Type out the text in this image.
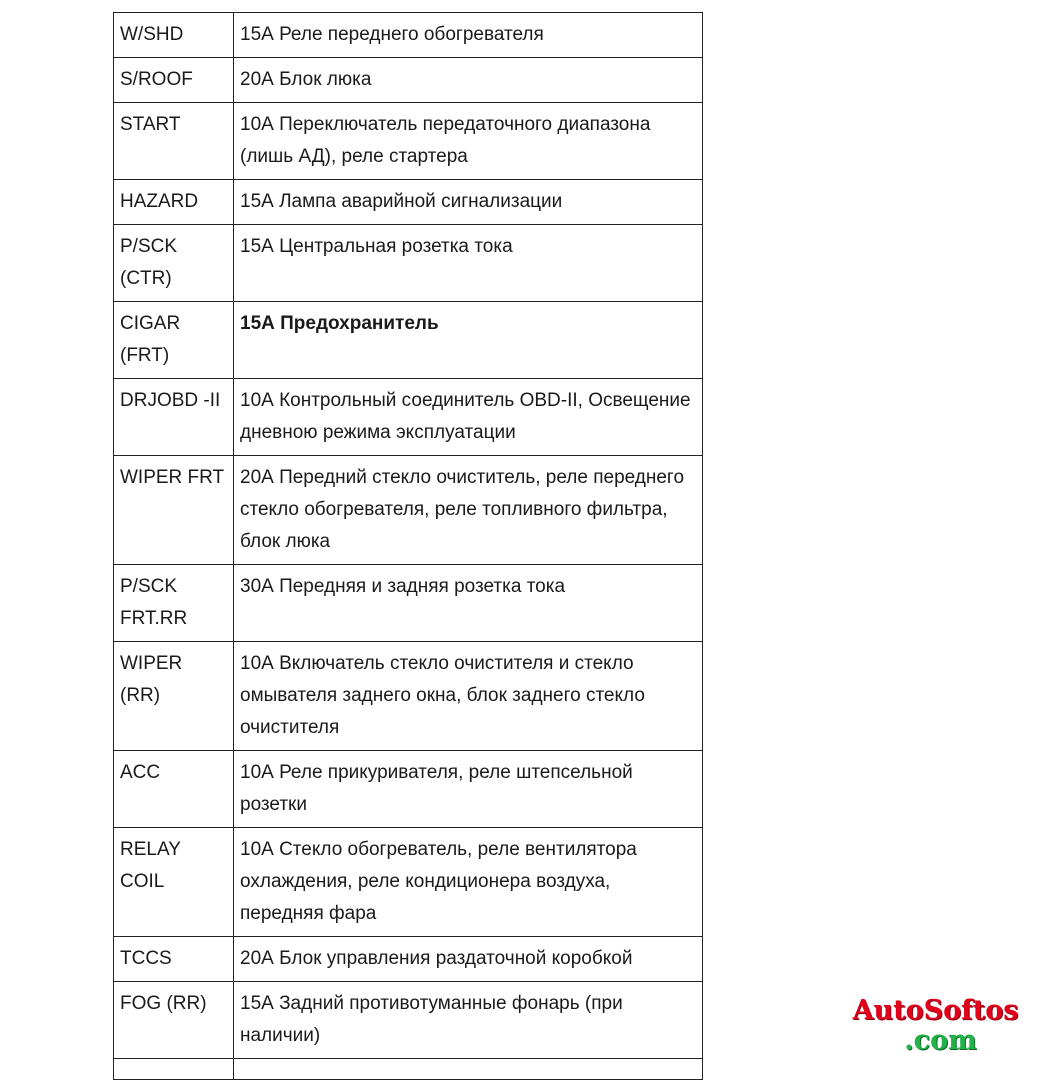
W/SHD	15А Реле переднего обогревателя
S/ROOF	20А Блок люка
START	10А Переключатель передаточного диапазона (лишь АД), реле стартера
HAZARD	15А Лампа аварийной сигнализации
P/SCK (CTR)	15А Центральная розетка тока
CIGAR (FRT)	15А Предохранитель
DRJOBD -II	10А Контрольный соединитель OBD-II, Освещение дневною режима эксплуатации
WIPER FRT	20А Передний стекло очиститель, реле переднего стекло обогревателя, реле топливного фильтра, блок люка
P/SCK FRT.RR	30А Передняя и задняя розетка тока
WIPER (RR)	10А Включатель стекло очистителя и стекло омывателя заднего окна, блок заднего стекло очистителя
ACC	10А Реле прикуривателя, реле штепсельной розетки
RELAY COIL	10А Стекло обогреватель, реле вентилятора охлаждения, реле кондиционера воздуха, передняя фара
TCCS	20А Блок управления раздаточной коробкой
FOG (RR)	15А Задний противотуманные фонарь (при наличии)

AutoSoftos
.com
